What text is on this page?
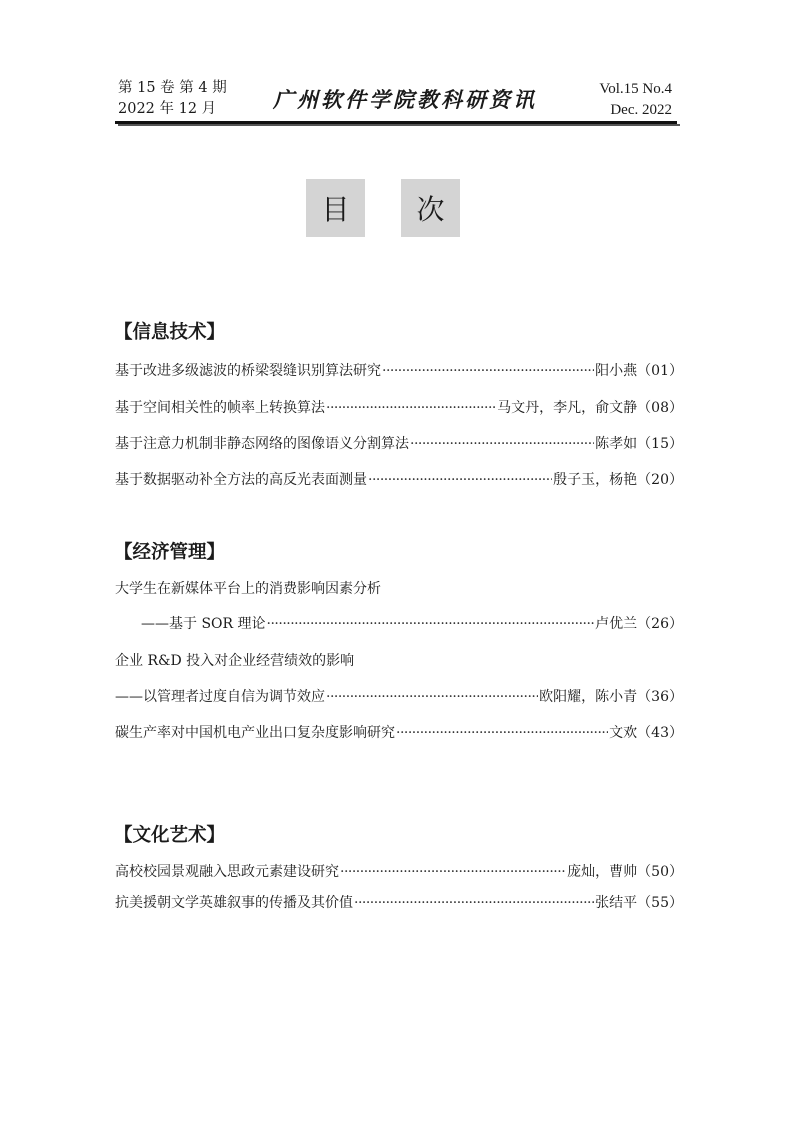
第 15 卷 第 4 期
2022 年 12 月	广州软件学院教科研资讯	Vol.15 No.4
Dec. 2022
目	次
【信息技术】
基于改进多级滤波的桥梁裂缝识别算法研究 ·····	阳小燕 （01）
基于空间相关性的帧率上转换算法 ·····	马文丹，李凡，俞文静 （08）
基于注意力机制非静态网络的图像语义分割算法 ·····	陈孝如 （15）
基于数据驱动补全方法的高反光表面测量 ·····	殷子玉，杨艳 （20）
【经济管理】
大学生在新媒体平台上的消费影响因素分析
——基于 SOR 理论 ·····	卢优兰 （26）
企业 R&D 投入对企业经营绩效的影响
——以管理者过度自信为调节效应 ·····	欧阳耀，陈小青 （36）
碳生产率对中国机电产业出口复杂度影响研究 ·····	文欢 （43）
【文化艺术】
高校校园景观融入思政元素建设研究 ·····	庞灿，曹帅 （50）
抗美援朝文学英雄叙事的传播及其价值 ·····	张结平 （55）
